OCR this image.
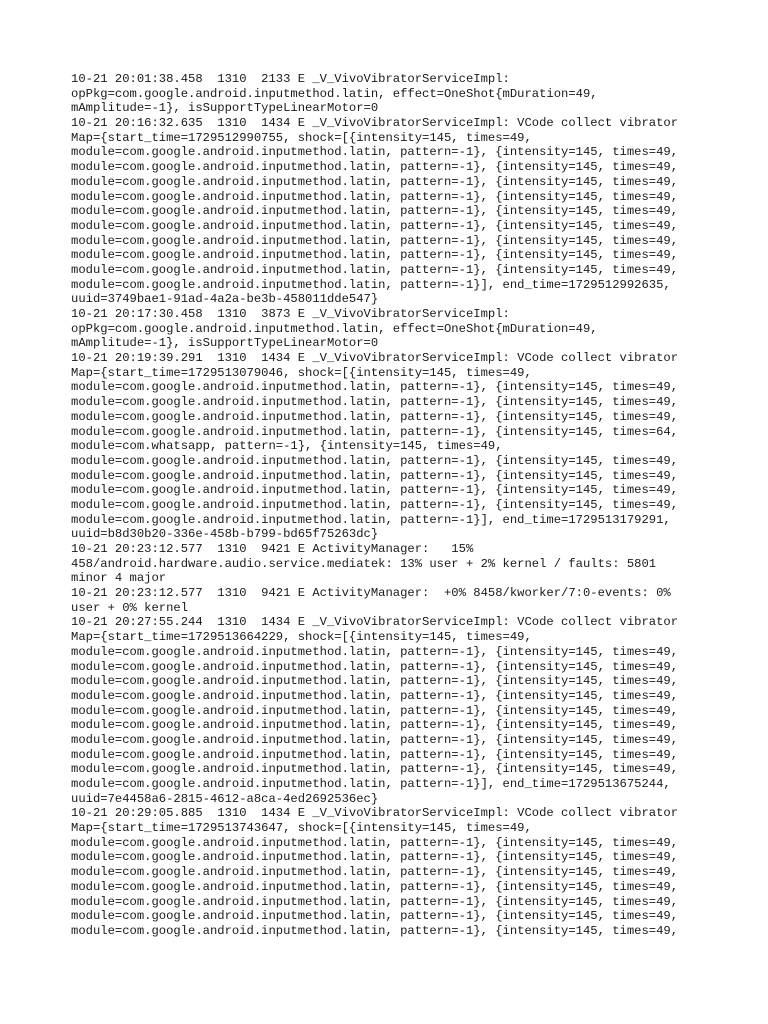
10-21 20:01:38.458  1310  2133 E _V_VivoVibratorServiceImpl:
opPkg=com.google.android.inputmethod.latin, effect=OneShot{mDuration=49,
mAmplitude=-1}, isSupportTypeLinearMotor=0
10-21 20:16:32.635  1310  1434 E _V_VivoVibratorServiceImpl: VCode collect vibrator
Map={start_time=1729512990755, shock=[{intensity=145, times=49,
module=com.google.android.inputmethod.latin, pattern=-1}, {intensity=145, times=49,
module=com.google.android.inputmethod.latin, pattern=-1}, {intensity=145, times=49,
module=com.google.android.inputmethod.latin, pattern=-1}, {intensity=145, times=49,
module=com.google.android.inputmethod.latin, pattern=-1}, {intensity=145, times=49,
module=com.google.android.inputmethod.latin, pattern=-1}, {intensity=145, times=49,
module=com.google.android.inputmethod.latin, pattern=-1}, {intensity=145, times=49,
module=com.google.android.inputmethod.latin, pattern=-1}, {intensity=145, times=49,
module=com.google.android.inputmethod.latin, pattern=-1}, {intensity=145, times=49,
module=com.google.android.inputmethod.latin, pattern=-1}, {intensity=145, times=49,
module=com.google.android.inputmethod.latin, pattern=-1}], end_time=1729512992635,
uuid=3749bae1-91ad-4a2a-be3b-458011dde547}
10-21 20:17:30.458  1310  3873 E _V_VivoVibratorServiceImpl:
opPkg=com.google.android.inputmethod.latin, effect=OneShot{mDuration=49,
mAmplitude=-1}, isSupportTypeLinearMotor=0
10-21 20:19:39.291  1310  1434 E _V_VivoVibratorServiceImpl: VCode collect vibrator
Map={start_time=1729513079046, shock=[{intensity=145, times=49,
module=com.google.android.inputmethod.latin, pattern=-1}, {intensity=145, times=49,
module=com.google.android.inputmethod.latin, pattern=-1}, {intensity=145, times=49,
module=com.google.android.inputmethod.latin, pattern=-1}, {intensity=145, times=49,
module=com.google.android.inputmethod.latin, pattern=-1}, {intensity=145, times=64,
module=com.whatsapp, pattern=-1}, {intensity=145, times=49,
module=com.google.android.inputmethod.latin, pattern=-1}, {intensity=145, times=49,
module=com.google.android.inputmethod.latin, pattern=-1}, {intensity=145, times=49,
module=com.google.android.inputmethod.latin, pattern=-1}, {intensity=145, times=49,
module=com.google.android.inputmethod.latin, pattern=-1}, {intensity=145, times=49,
module=com.google.android.inputmethod.latin, pattern=-1}], end_time=1729513179291,
uuid=b8d30b20-336e-458b-b799-bd65f75263dc}
10-21 20:23:12.577  1310  9421 E ActivityManager:   15%
458/android.hardware.audio.service.mediatek: 13% user + 2% kernel / faults: 5801
minor 4 major
10-21 20:23:12.577  1310  9421 E ActivityManager:  +0% 8458/kworker/7:0-events: 0%
user + 0% kernel
10-21 20:27:55.244  1310  1434 E _V_VivoVibratorServiceImpl: VCode collect vibrator
Map={start_time=1729513664229, shock=[{intensity=145, times=49,
module=com.google.android.inputmethod.latin, pattern=-1}, {intensity=145, times=49,
module=com.google.android.inputmethod.latin, pattern=-1}, {intensity=145, times=49,
module=com.google.android.inputmethod.latin, pattern=-1}, {intensity=145, times=49,
module=com.google.android.inputmethod.latin, pattern=-1}, {intensity=145, times=49,
module=com.google.android.inputmethod.latin, pattern=-1}, {intensity=145, times=49,
module=com.google.android.inputmethod.latin, pattern=-1}, {intensity=145, times=49,
module=com.google.android.inputmethod.latin, pattern=-1}, {intensity=145, times=49,
module=com.google.android.inputmethod.latin, pattern=-1}, {intensity=145, times=49,
module=com.google.android.inputmethod.latin, pattern=-1}, {intensity=145, times=49,
module=com.google.android.inputmethod.latin, pattern=-1}], end_time=1729513675244,
uuid=7e4458a6-2815-4612-a8ca-4ed2692536ec}
10-21 20:29:05.885  1310  1434 E _V_VivoVibratorServiceImpl: VCode collect vibrator
Map={start_time=1729513743647, shock=[{intensity=145, times=49,
module=com.google.android.inputmethod.latin, pattern=-1}, {intensity=145, times=49,
module=com.google.android.inputmethod.latin, pattern=-1}, {intensity=145, times=49,
module=com.google.android.inputmethod.latin, pattern=-1}, {intensity=145, times=49,
module=com.google.android.inputmethod.latin, pattern=-1}, {intensity=145, times=49,
module=com.google.android.inputmethod.latin, pattern=-1}, {intensity=145, times=49,
module=com.google.android.inputmethod.latin, pattern=-1}, {intensity=145, times=49,
module=com.google.android.inputmethod.latin, pattern=-1}, {intensity=145, times=49,
